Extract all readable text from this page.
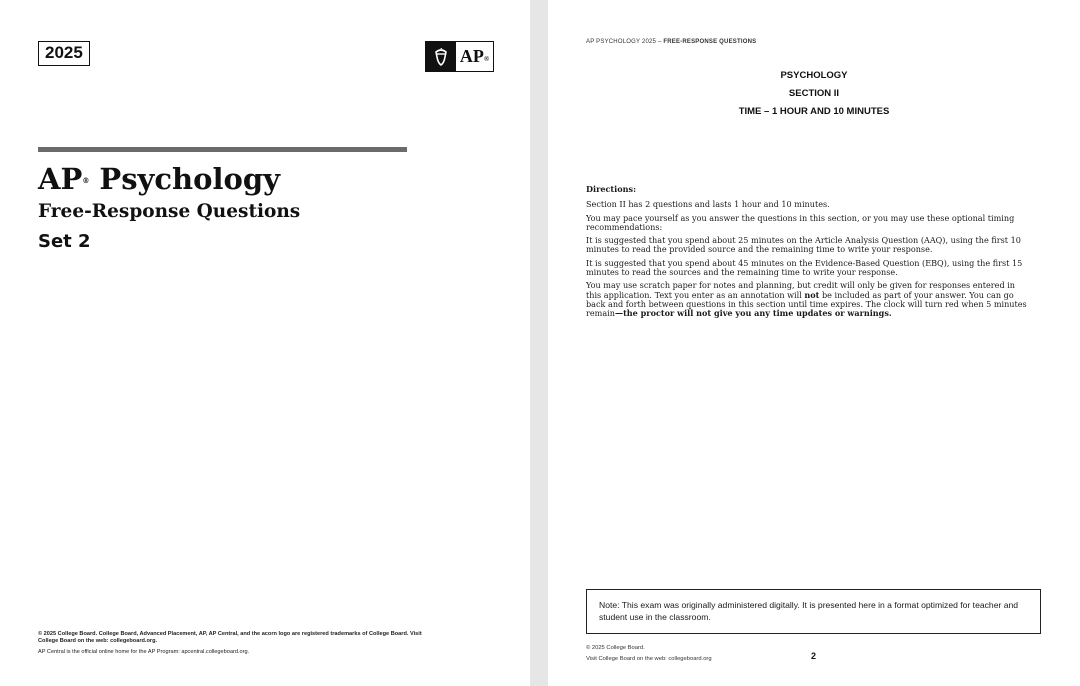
2025	AP®
AP® Psychology
Free-Response Questions
Set 2

© 2025 College Board. College Board, Advanced Placement, AP, AP Central, and the acorn logo are registered trademarks of College Board. Visit College Board on the web: collegeboard.org.

AP Central is the official online home for the AP Program: apcentral.collegeboard.org.

AP PSYCHOLOGY 2025 – FREE-RESPONSE QUESTIONS
PSYCHOLOGY
SECTION II
TIME – 1 HOUR AND 10 MINUTES

Directions:

Section II has 2 questions and lasts 1 hour and 10 minutes.

You may pace yourself as you answer the questions in this section, or you may use these optional timing recommendations:

It is suggested that you spend about 25 minutes on the Article Analysis Question (AAQ), using the first 10 minutes to read the provided source and the remaining time to write your response.

It is suggested that you spend about 45 minutes on the Evidence-Based Question (EBQ), using the first 15 minutes to read the sources and the remaining time to write your response.

You may use scratch paper for notes and planning, but credit will only be given for responses entered in this application. Text you enter as an annotation will not be included as part of your answer. You can go back and forth between questions in this section until time expires. The clock will turn red when 5 minutes remain—the proctor will not give you any time updates or warnings.

Note: This exam was originally administered digitally. It is presented here in a format optimized for teacher and student use in the classroom.
© 2025 College Board.
Visit College Board on the web: collegeboard.org	2
